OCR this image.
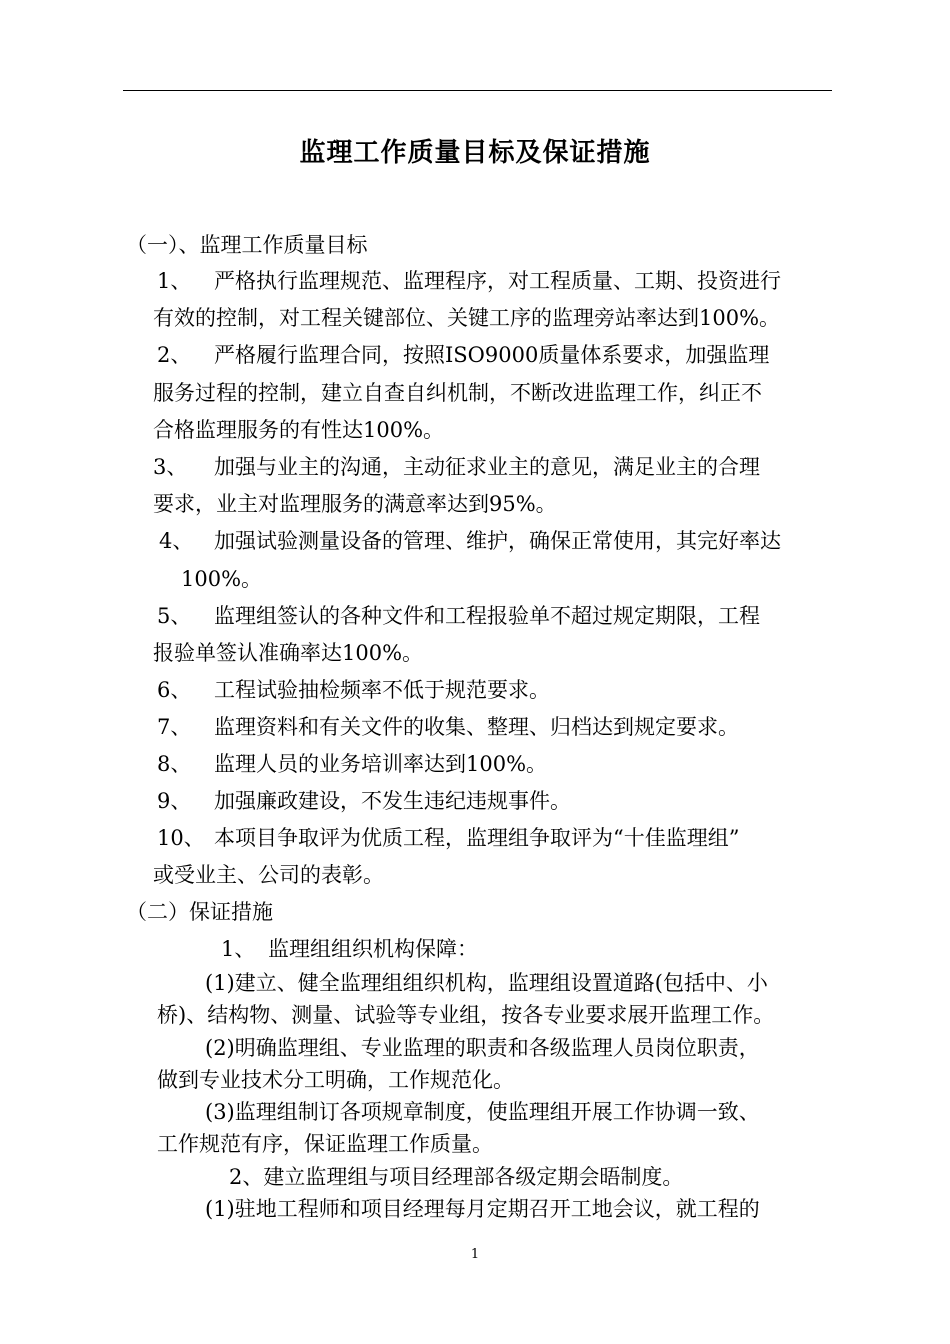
监理工作质量目标及保证措施
（一）、监理工作质量目标
1、 严格执行监理规范、监理程序，对工程质量、工期、投资进行
有效的控制，对工程关键部位、关键工序的监理旁站率达到100%。
2、 严格履行监理合同，按照ISO9000质量体系要求，加强监理
服务过程的控制，建立自查自纠机制，不断改进监理工作，纠正不
合格监理服务的有性达100%。
3、 加强与业主的沟通，主动征求业主的意见，满足业主的合理
要求，业主对监理服务的满意率达到95%。
4、 加强试验测量设备的管理、维护，确保正常使用，其完好率达
100%。
5、 监理组签认的各种文件和工程报验单不超过规定期限，工程
报验单签认准确率达100%。
6、 工程试验抽检频率不低于规范要求。
7、 监理资料和有关文件的收集、整理、归档达到规定要求。
8、 监理人员的业务培训率达到100%。
9、 加强廉政建设，不发生违纪违规事件。
10、 本项目争取评为优质工程，监理组争取评为“十佳监理组”
或受业主、公司的表彰。
（二）保证措施
1、 监理组组织机构保障：
(1)建立、健全监理组组织机构，监理组设置道路(包括中、小
桥)、结构物、测量、试验等专业组，按各专业要求展开监理工作。
(2)明确监理组、专业监理的职责和各级监理人员岗位职责，
做到专业技术分工明确，工作规范化。
(3)监理组制订各项规章制度，使监理组开展工作协调一致、
工作规范有序，保证监理工作质量。
2、建立监理组与项目经理部各级定期会晤制度。
(1)驻地工程师和项目经理每月定期召开工地会议，就工程的
1
